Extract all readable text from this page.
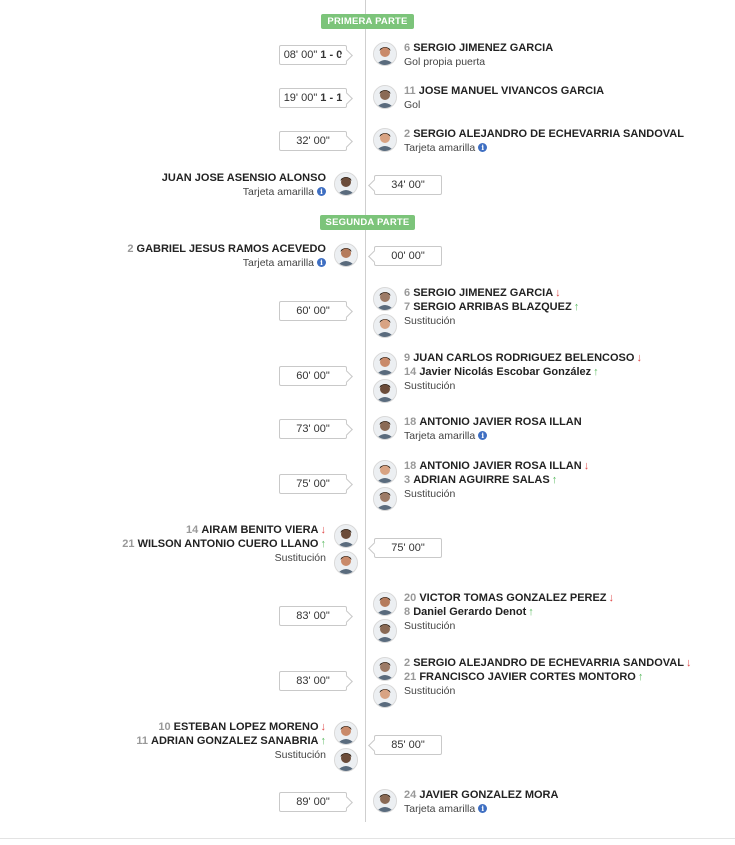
PRIMERA PARTE
SEGUNDA PARTE
08' 00" 1 - 0
6 SERGIO JIMENEZ GARCIA
Gol propia puerta
19' 00" 1 - 1
11 JOSE MANUEL VIVANCOS GARCIA
Gol
32' 00"
2 SERGIO ALEJANDRO DE ECHEVARRIA SANDOVAL
Tarjeta amarilla i
34' 00"
JUAN JOSE ASENSIO ALONSO
Tarjeta amarilla i
00' 00"
2 GABRIEL JESUS RAMOS ACEVEDO
Tarjeta amarilla i
60' 00"
6 SERGIO JIMENEZ GARCIA ↓
7 SERGIO ARRIBAS BLAZQUEZ ↑
Sustitución
60' 00"
9 JUAN CARLOS RODRIGUEZ BELENCOSO ↓
14 Javier Nicolás Escobar González ↑
Sustitución
73' 00"
18 ANTONIO JAVIER ROSA ILLAN
Tarjeta amarilla i
75' 00"
18 ANTONIO JAVIER ROSA ILLAN ↓
3 ADRIAN AGUIRRE SALAS ↑
Sustitución
75' 00"
14 AIRAM BENITO VIERA ↓
21 WILSON ANTONIO CUERO LLANO ↑
Sustitución
83' 00"
20 VICTOR TOMAS GONZALEZ PEREZ ↓
8 Daniel Gerardo Denot ↑
Sustitución
83' 00"
2 SERGIO ALEJANDRO DE ECHEVARRIA SANDOVAL ↓
21 FRANCISCO JAVIER CORTES MONTORO ↑
Sustitución
85' 00"
10 ESTEBAN LOPEZ MORENO ↓
11 ADRIAN GONZALEZ SANABRIA ↑
Sustitución
89' 00"
24 JAVIER GONZALEZ MORA
Tarjeta amarilla i
